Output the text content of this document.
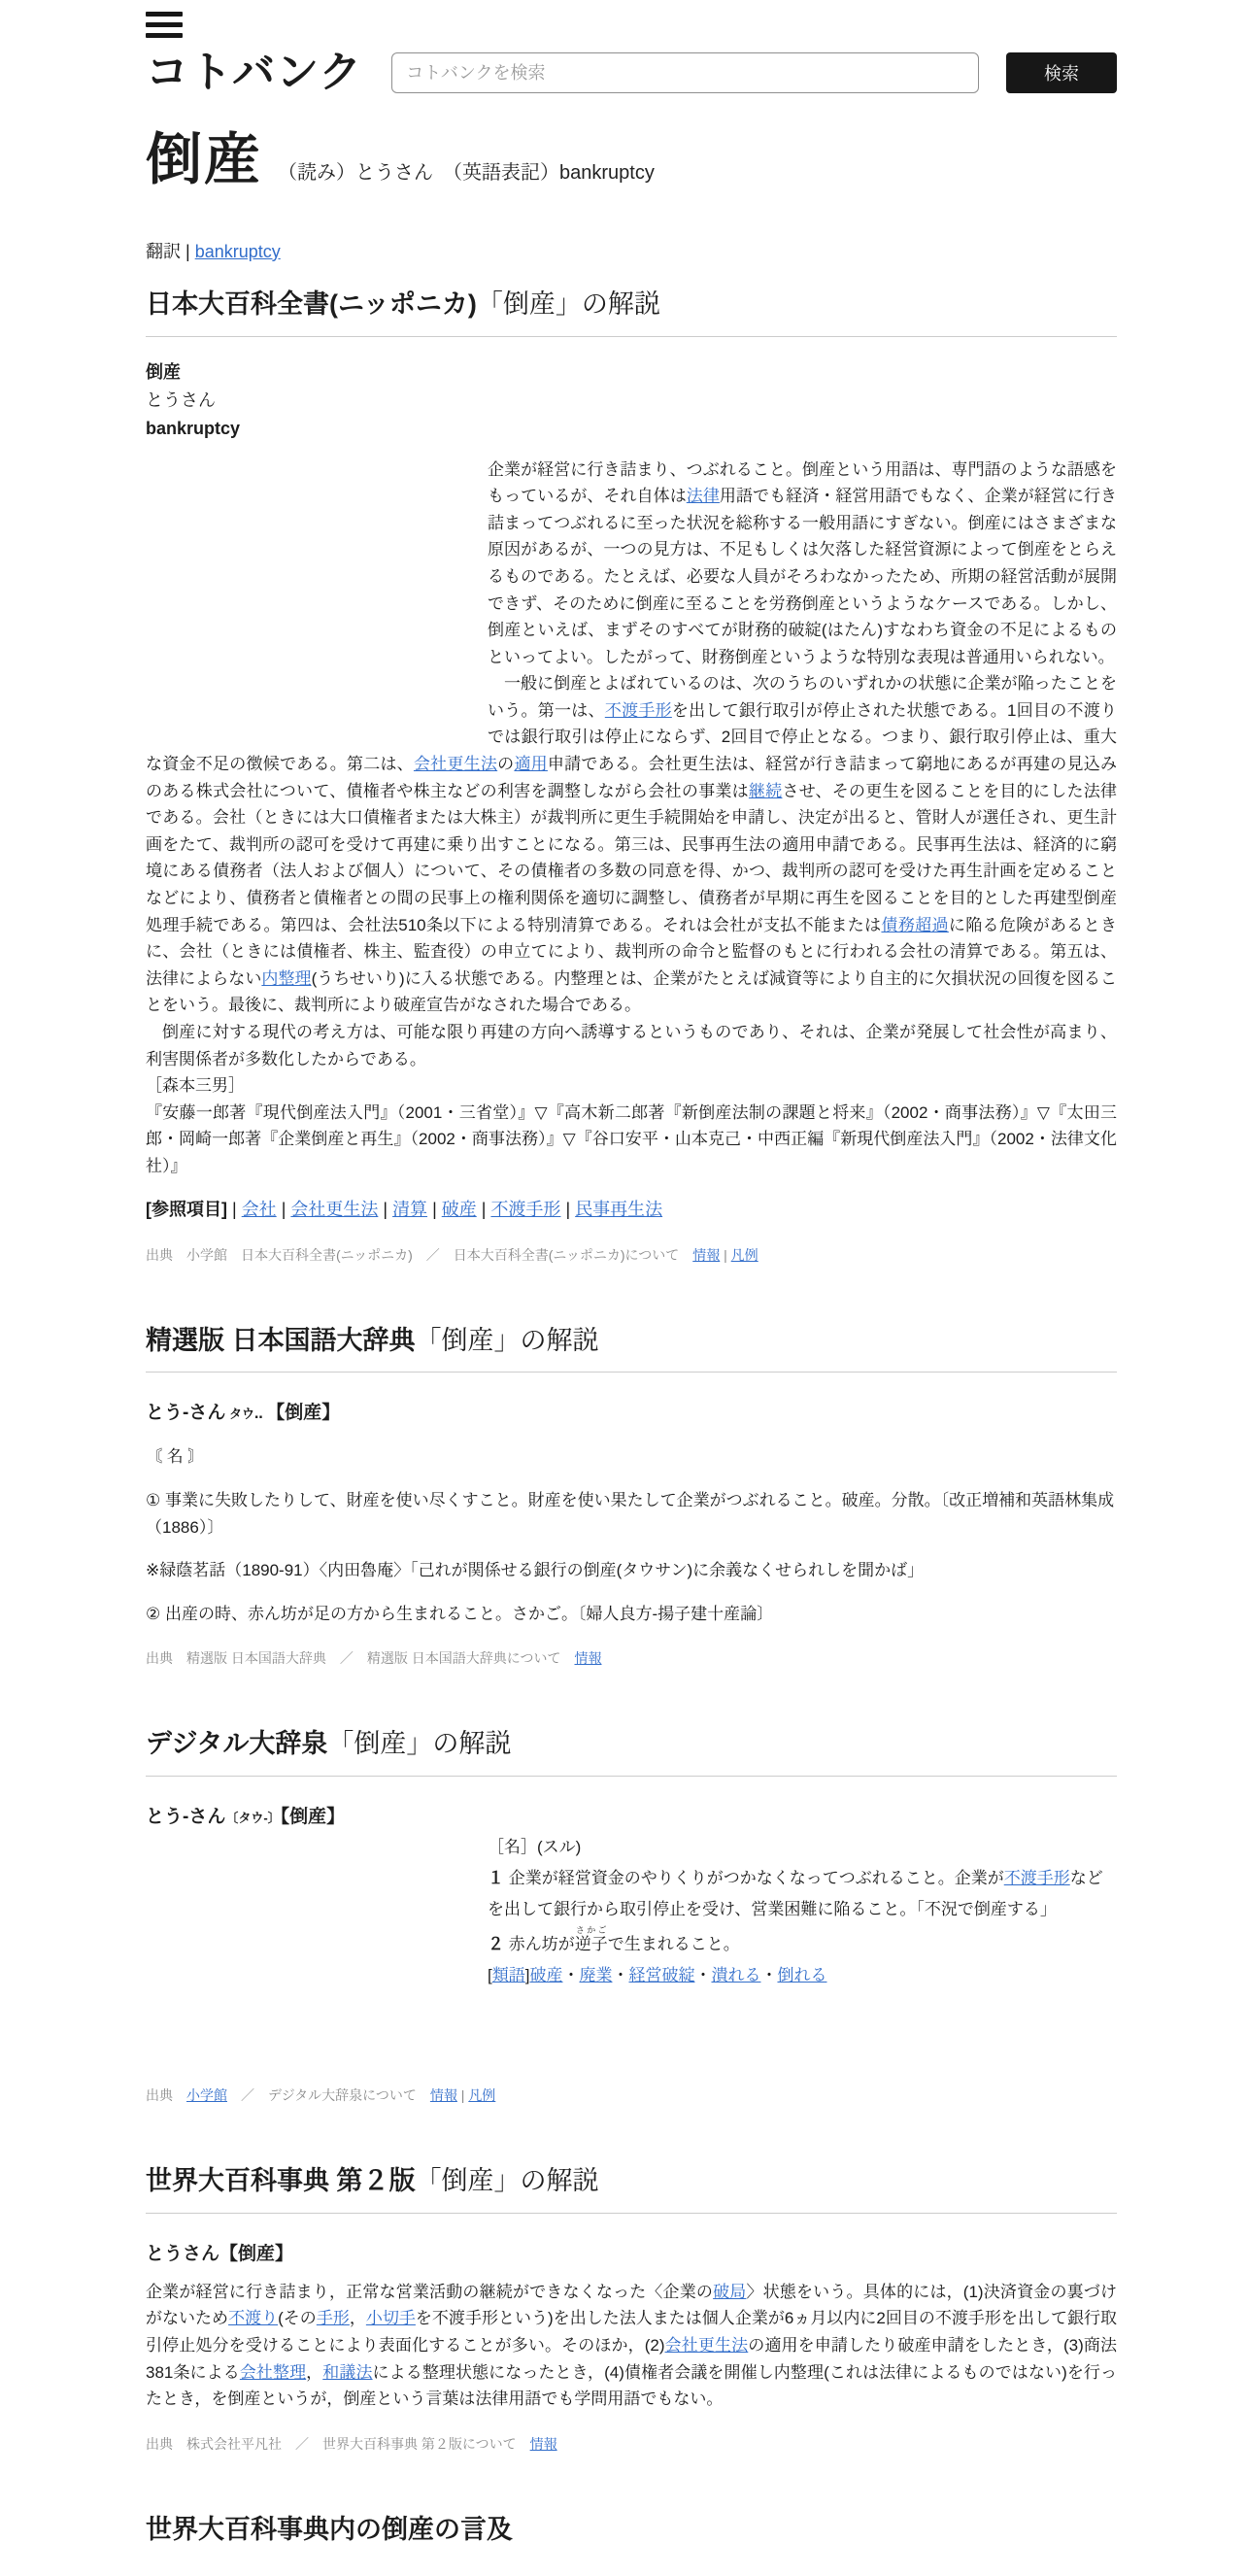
コトバンク
コトバンクを検索	検索
倒産 （読み）とうさん　（英語表記）bankruptcy
翻訳 | bankruptcy
日本大百科全書(ニッポニカ)「倒産」の解説

倒産

とうさん

bankruptcy

企業が経営に行き詰まり、つぶれること。倒産という用語は、専門語のような語感をもっているが、それ自体は法律用語でも経済・経営用語でもなく、企業が経営に行き詰まってつぶれるに至った状況を総称する一般用語にすぎない。倒産にはさまざまな原因があるが、一つの見方は、不足もしくは欠落した経営資源によって倒産をとらえるものである。たとえば、必要な人員がそろわなかったため、所期の経営活動が展開できず、そのために倒産に至ることを労務倒産というようなケースである。しかし、倒産といえば、まずそのすべてが財務的破綻(はたん)すなわち資金の不足によるものといってよい。したがって、財務倒産というような特別な表現は普通用いられない。

一般に倒産とよばれているのは、次のうちのいずれかの状態に企業が陥ったことをいう。第一は、不渡手形を出して銀行取引が停止された状態である。1回目の不渡りでは銀行取引は停止にならず、2回目で停止となる。つまり、銀行取引停止は、重大な資金不足の徴候である。第二は、会社更生法の適用申請である。会社更生法は、経営が行き詰まって窮地にあるが再建の見込みのある株式会社について、債権者や株主などの利害を調整しながら会社の事業は継続させ、その更生を図ることを目的にした法律である。会社（ときには大口債権者または大株主）が裁判所に更生手続開始を申請し、決定が出ると、管財人が選任され、更生計画をたて、裁判所の認可を受けて再建に乗り出すことになる。第三は、民事再生法の適用申請である。民事再生法は、経済的に窮境にある債務者（法人および個人）について、その債権者の多数の同意を得、かつ、裁判所の認可を受けた再生計画を定めることなどにより、債務者と債権者との間の民事上の権利関係を適切に調整し、債務者が早期に再生を図ることを目的とした再建型倒産処理手続である。第四は、会社法510条以下による特別清算である。それは会社が支払不能または債務超過に陥る危険があるときに、会社（ときには債権者、株主、監査役）の申立てにより、裁判所の命令と監督のもとに行われる会社の清算である。第五は、法律によらない内整理(うちせいり)に入る状態である。内整理とは、企業がたとえば減資等により自主的に欠損状況の回復を図ることをいう。最後に、裁判所により破産宣告がなされた場合である。

倒産に対する現代の考え方は、可能な限り再建の方向へ誘導するというものであり、それは、企業が発展して社会性が高まり、利害関係者が多数化したからである。

［森本三男］

『安藤一郎著『現代倒産法入門』（2001・三省堂）』▽『高木新二郎著『新倒産法制の課題と将来』（2002・商事法務）』▽『太田三郎・岡崎一郎著『企業倒産と再生』（2002・商事法務）』▽『谷口安平・山本克己・中西正編『新現代倒産法入門』（2002・法律文化社）』

[参照項目] | 会社 | 会社更生法 | 清算 | 破産 | 不渡手形 | 民事再生法
出典　小学館　日本大百科全書(ニッポニカ)　／　日本大百科全書(ニッポニカ)について　情報 | 凡例
精選版 日本国語大辞典「倒産」の解説

とう-さん タウ‥ 【倒産】

〘 名 〙

① 事業に失敗したりして、財産を使い尽くすこと。財産を使い果たして企業がつぶれること。破産。分散。〔改正増補和英語林集成（1886）〕

※緑蔭茗話（1890-91）〈内田魯庵〉「己れが関係せる銀行の倒産(タウサン)に余義なくせられしを聞かば」

② 出産の時、赤ん坊が足の方から生まれること。さかご。〔婦人良方-揚子建十産論〕

出典　精選版 日本国語大辞典　／　精選版 日本国語大辞典について　情報
デジタル大辞泉「倒産」の解説

とう-さん〔タウ-〕【倒産】

［名］(スル)

１ 企業が経営資金のやりくりがつかなくなってつぶれること。企業が不渡手形などを出して銀行から取引停止を受け、営業困難に陥ること。「不況で倒産する」

２ 赤ん坊が逆子さかごで生まれること。

[類語]破産・廃業・経営破綻・潰れる・倒れる

出典　小学館　／　デジタル大辞泉について　情報 | 凡例
世界大百科事典 第２版「倒産」の解説

とうさん【倒産】

企業が経営に行き詰まり，正常な営業活動の継続ができなくなった〈企業の破局〉状態をいう。具体的には，(1)決済資金の裏づけがないため不渡り(その手形，小切手を不渡手形という)を出した法人または個人企業が6ヵ月以内に2回目の不渡手形を出して銀行取引停止処分を受けることにより表面化することが多い。そのほか，(2)会社更生法の適用を申請したり破産申請をしたとき，(3)商法381条による会社整理，和議法による整理状態になったとき，(4)債権者会議を開催し内整理(これは法律によるものではない)を行ったとき，を倒産というが，倒産という言葉は法律用語でも学問用語でもない。

出典　株式会社平凡社　／　世界大百科事典 第２版について　情報
世界大百科事典内の倒産の言及
